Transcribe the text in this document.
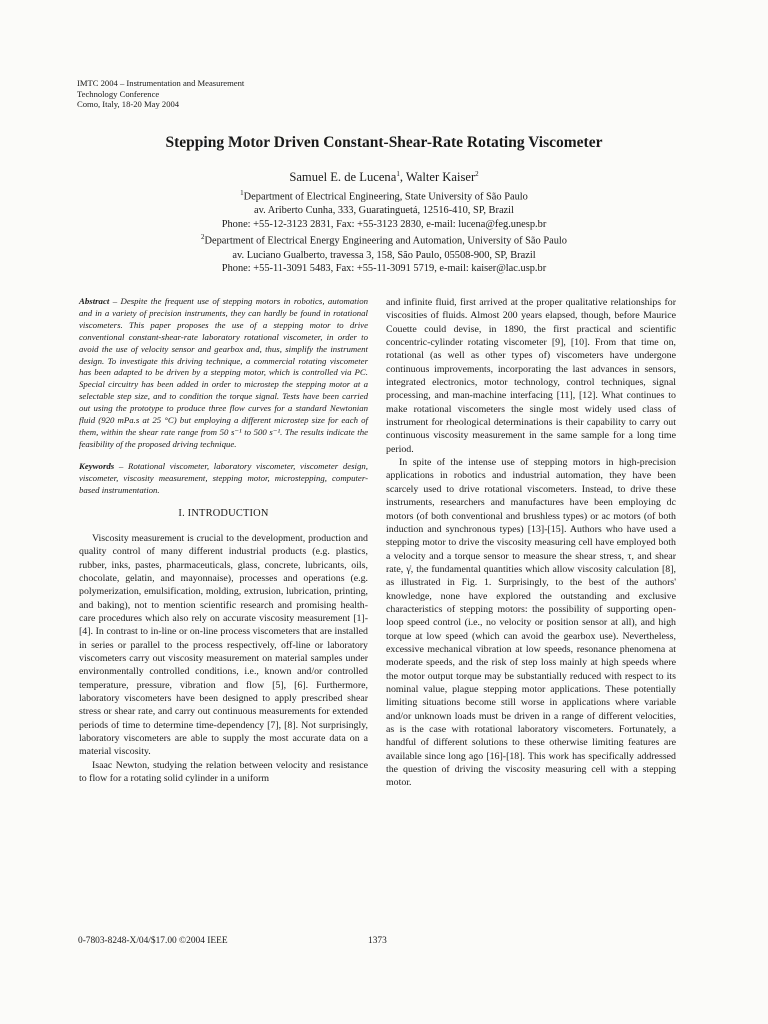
IMTC 2004 – Instrumentation and Measurement
Technology Conference
Como, Italy, 18-20 May 2004
Stepping Motor Driven Constant-Shear-Rate Rotating Viscometer
Samuel E. de Lucena$^1$, Walter Kaiser$^2$
$^1$Department of Electrical Engineering, State University of São Paulo
av. Ariberto Cunha, 333, Guaratinguetá, 12516-410, SP, Brazil
Phone: +55-12-3123 2831, Fax: +55-3123 2830, e-mail: lucena@feg.unesp.br
$^2$Department of Electrical Energy Engineering and Automation, University of São Paulo
av. Luciano Gualberto, travessa 3, 158, São Paulo, 05508-900, SP, Brazil
Phone: +55-11-3091 5483, Fax: +55-11-3091 5719, e-mail: kaiser@lac.usp.br
Abstract – Despite the frequent use of stepping motors in robotics, automation and in a variety of precision instruments, they can hardly be found in rotational viscometers. This paper proposes the use of a stepping motor to drive conventional constant-shear-rate laboratory rotational viscometer, in order to avoid the use of velocity sensor and gearbox and, thus, simplify the instrument design. To investigate this driving technique, a commercial rotating viscometer has been adapted to be driven by a stepping motor, which is controlled via PC. Special circuitry has been added in order to microstep the stepping motor at a selectable step size, and to condition the torque signal. Tests have been carried out using the prototype to produce three flow curves for a standard Newtonian fluid (920 mPa.s at 25 °C) but employing a different microstep size for each of them, within the shear rate range from 50 s⁻¹ to 500 s⁻¹. The results indicate the feasibility of the proposed driving technique.
Keywords – Rotational viscometer, laboratory viscometer, viscometer design, viscometer, viscosity measurement, stepping motor, microstepping, computer-based instrumentation.
I. INTRODUCTION

Viscosity measurement is crucial to the development, production and quality control of many different industrial products (e.g. plastics, rubber, inks, pastes, pharmaceuticals, glass, concrete, lubricants, oils, chocolate, gelatin, and mayonnaise), processes and operations (e.g. polymerization, emulsification, molding, extrusion, lubrication, printing, and baking), not to mention scientific research and promising health-care procedures which also rely on accurate viscosity measurement [1]-[4]. In contrast to in-line or on-line process viscometers that are installed in series or parallel to the process respectively, off-line or laboratory viscometers carry out viscosity measurement on material samples under environmentally controlled conditions, i.e., known and/or controlled temperature, pressure, vibration and flow [5], [6]. Furthermore, laboratory viscometers have been designed to apply prescribed shear stress or shear rate, and carry out continuous measurements for extended periods of time to determine time-dependency [7], [8]. Not surprisingly, laboratory viscometers are able to supply the most accurate data on a material viscosity.

Isaac Newton, studying the relation between velocity and resistance to flow for a rotating solid cylinder in a uniform

and infinite fluid, first arrived at the proper qualitative relationships for viscosities of fluids. Almost 200 years elapsed, though, before Maurice Couette could devise, in 1890, the first practical and scientific concentric-cylinder rotating viscometer [9], [10]. From that time on, rotational (as well as other types of) viscometers have undergone continuous improvements, incorporating the last advances in sensors, integrated electronics, motor technology, control techniques, signal processing, and man-machine interfacing [11], [12]. What continues to make rotational viscometers the single most widely used class of instrument for rheological determinations is their capability to carry out continuous viscosity measurement in the same sample for a long time period.

In spite of the intense use of stepping motors in high-precision applications in robotics and industrial automation, they have been scarcely used to drive rotational viscometers. Instead, to drive these instruments, researchers and manufactures have been employing dc motors (of both conventional and brushless types) or ac motors (of both induction and synchronous types) [13]-[15]. Authors who have used a stepping motor to drive the viscosity measuring cell have employed both a velocity and a torque sensor to measure the shear stress, τ, and shear rate, γ̇, the fundamental quantities which allow viscosity calculation [8], as illustrated in Fig. 1. Surprisingly, to the best of the authors' knowledge, none have explored the outstanding and exclusive characteristics of stepping motors: the possibility of supporting open-loop speed control (i.e., no velocity or position sensor at all), and high torque at low speed (which can avoid the gearbox use). Nevertheless, excessive mechanical vibration at low speeds, resonance phenomena at moderate speeds, and the risk of step loss mainly at high speeds where the motor output torque may be substantially reduced with respect to its nominal value, plague stepping motor applications. These potentially limiting situations become still worse in applications where variable and/or unknown loads must be driven in a range of different velocities, as is the case with rotational laboratory viscometers. Fortunately, a handful of different solutions to these otherwise limiting features are available since long ago [16]-[18]. This work has specifically addressed the question of driving the viscosity measuring cell with a stepping motor.

0-7803-8248-X/04/$17.00 ©2004 IEEE	1373
